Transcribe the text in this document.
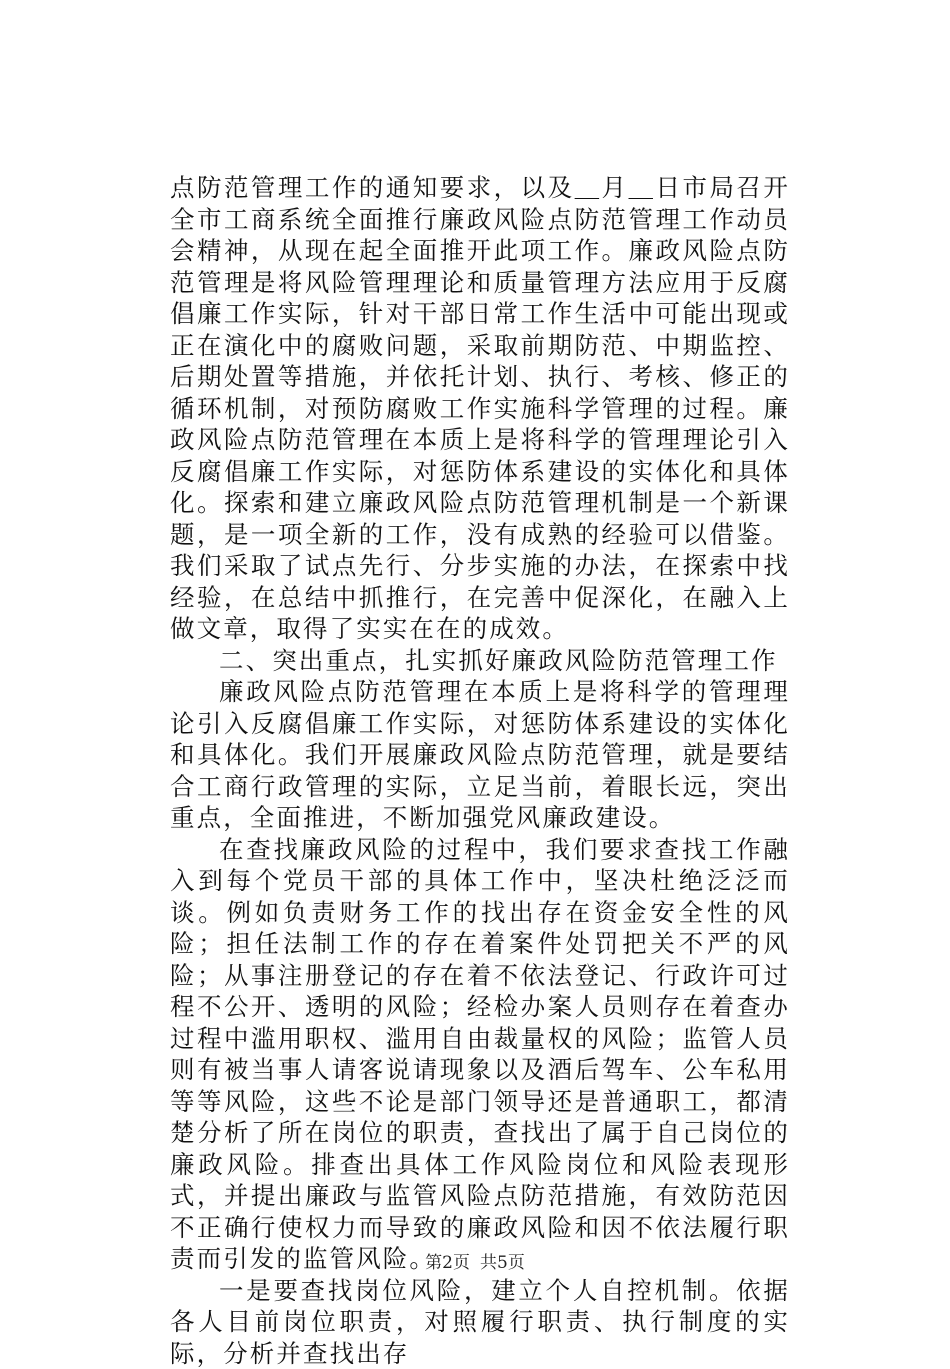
点防范管理工作的通知要求，以及＿月＿日市局召开全市工商系统全面推行廉政风险点防范管理工作动员会精神，从现在起全面推开此项工作。廉政风险点防范管理是将风险管理理论和质量管理方法应用于反腐倡廉工作实际，针对干部日常工作生活中可能出现或正在演化中的腐败问题，采取前期防范、中期监控、后期处置等措施，并依托计划、执行、考核、修正的循环机制，对预防腐败工作实施科学管理的过程。廉政风险点防范管理在本质上是将科学的管理理论引入反腐倡廉工作实际，对惩防体系建设的实体化和具体化。探索和建立廉政风险点防范管理机制是一个新课题，是一项全新的工作，没有成熟的经验可以借鉴。我们采取了试点先行、分步实施的办法，在探索中找经验，在总结中抓推行，在完善中促深化，在融入上做文章，取得了实实在在的成效。

二、突出重点，扎实抓好廉政风险防范管理工作

廉政风险点防范管理在本质上是将科学的管理理论引入反腐倡廉工作实际，对惩防体系建设的实体化和具体化。我们开展廉政风险点防范管理，就是要结合工商行政管理的实际，立足当前，着眼长远，突出重点，全面推进，不断加强党风廉政建设。

在查找廉政风险的过程中，我们要求查找工作融入到每个党员干部的具体工作中，坚决杜绝泛泛而谈。例如负责财务工作的找出存在资金安全性的风险；担任法制工作的存在着案件处罚把关不严的风险；从事注册登记的存在着不依法登记、行政许可过程不公开、透明的风险；经检办案人员则存在着查办过程中滥用职权、滥用自由裁量权的风险；监管人员则有被当事人请客说请现象以及酒后驾车、公车私用等等风险，这些不论是部门领导还是普通职工，都清楚分析了所在岗位的职责，查找出了属于自己岗位的廉政风险。排查出具体工作风险岗位和风险表现形式，并提出廉政与监管风险点防范措施，有效防范因不正确行使权力而导致的廉政风险和因不依法履行职责而引发的监管风险。

一是要查找岗位风险，建立个人自控机制。依据各人目前岗位职责，对照履行职责、执行制度的实际，分析并查找出存

第2页 共5页
